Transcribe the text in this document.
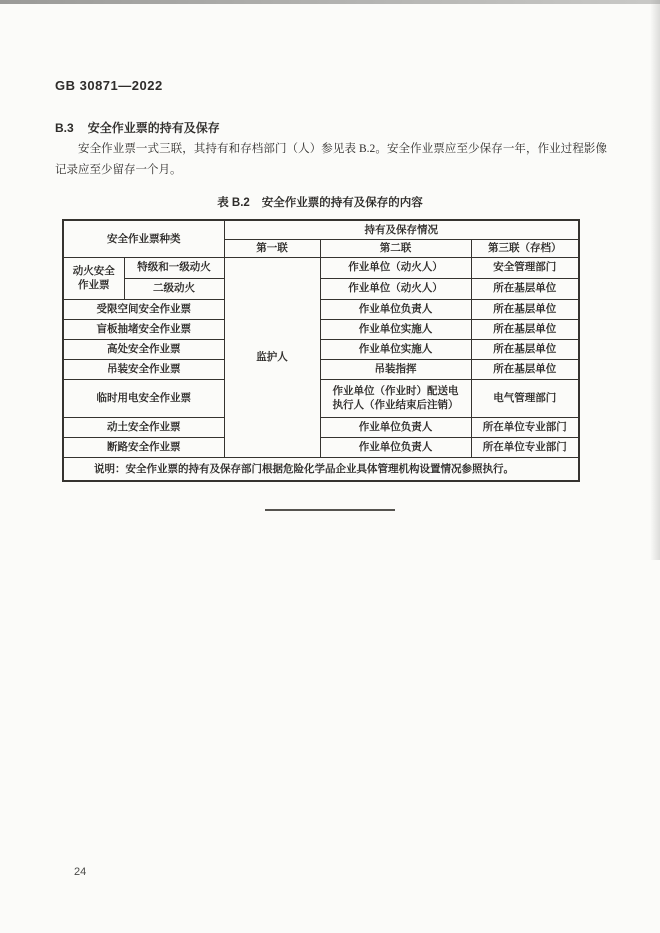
GB 30871—2022
B.3 安全作业票的持有及保存

安全作业票一式三联，其持有和存档部门（人）参见表 B.2。安全作业票应至少保存一年，作业过程影像记录应至少留存一个月。

表 B.2 安全作业票的持有及保存的内容
安全作业票种类		持有及保存情况		
		第一联	第二联	第三联（存档）

动火安全
作业票	特级和一级动火	监护人	作业单位（动火人）	安全管理部门
	二级动火		作业单位（动火人）	所在基层单位
受限空间安全作业票			作业单位负责人	所在基层单位
盲板抽堵安全作业票			作业单位实施人	所在基层单位
高处安全作业票			作业单位实施人	所在基层单位
吊装安全作业票			吊装指挥	所在基层单位
临时用电安全作业票			作业单位（作业时）配送电
执行人（作业结束后注销）	电气管理部门
动土安全作业票			作业单位负责人	所在单位专业部门
断路安全作业票			作业单位负责人	所在单位专业部门
说明：安全作业票的持有及保存部门根据危险化学品企业具体管理机构设置情况参照执行。				
24
